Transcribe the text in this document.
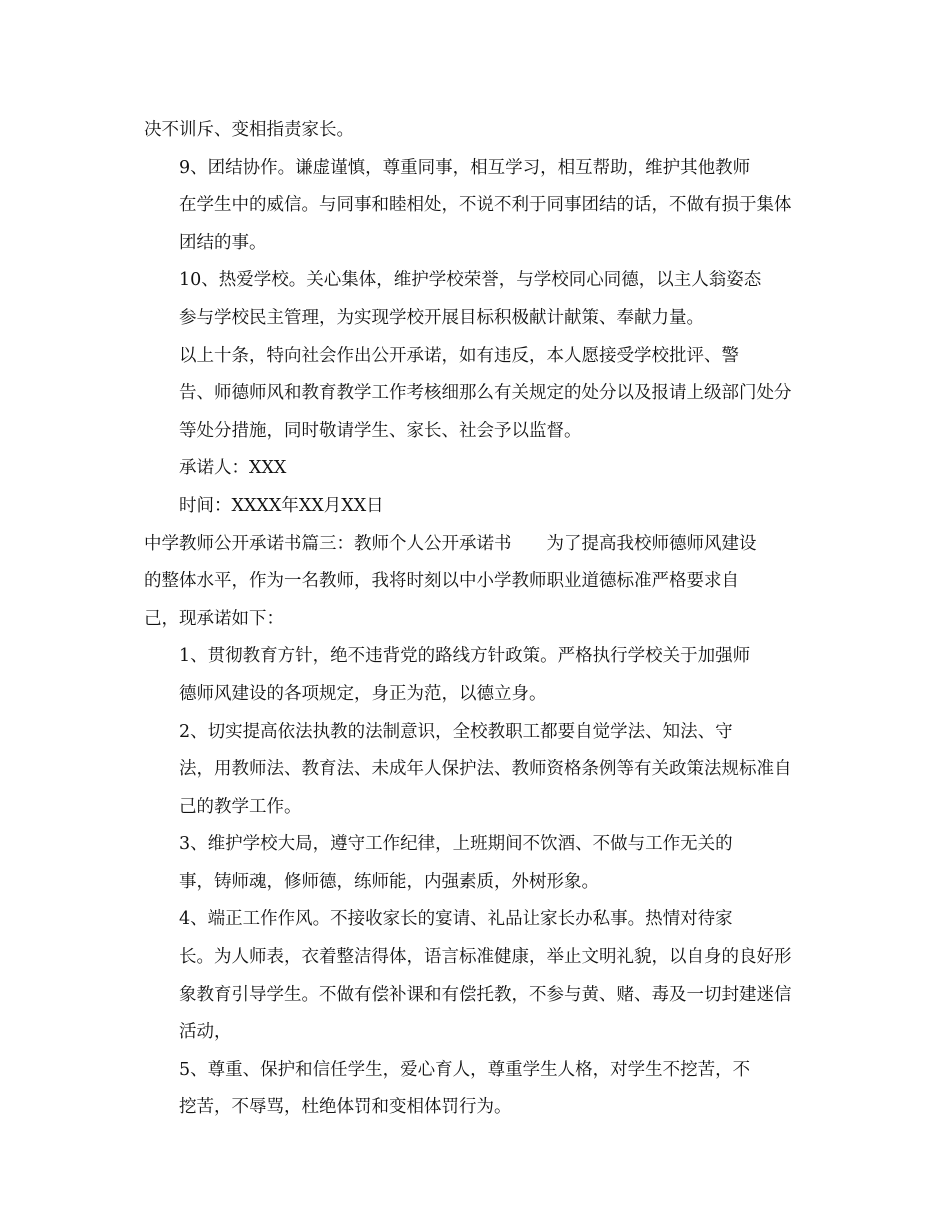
决不训斥、变相指责家长。
9、团结协作。谦虚谨慎，尊重同事，相互学习，相互帮助，维护其他教师
在学生中的威信。与同事和睦相处，不说不利于同事团结的话，不做有损于集体
团结的事。
10、热爱学校。关心集体，维护学校荣誉，与学校同心同德，以主人翁姿态
参与学校民主管理，为实现学校开展目标积极献计献策、奉献力量。
以上十条，特向社会作出公开承诺，如有违反，本人愿接受学校批评、警
告、师德师风和教育教学工作考核细那么有关规定的处分以及报请上级部门处分
等处分措施，同时敬请学生、家长、社会予以监督。
承诺人：XXX
时间：XXXX年XX月XX日
中学教师公开承诺书篇三：教师个人公开承诺书　　为了提高我校师德师风建设
的整体水平，作为一名教师，我将时刻以中小学教师职业道德标准严格要求自
己，现承诺如下：
1、贯彻教育方针，绝不违背党的路线方针政策。严格执行学校关于加强师
德师风建设的各项规定，身正为范，以德立身。
2、切实提高依法执教的法制意识，全校教职工都要自觉学法、知法、守
法，用教师法、教育法、未成年人保护法、教师资格条例等有关政策法规标准自
己的教学工作。
3、维护学校大局，遵守工作纪律，上班期间不饮酒、不做与工作无关的
事，铸师魂，修师德，练师能，内强素质，外树形象。
4、端正工作作风。不接收家长的宴请、礼品让家长办私事。热情对待家
长。为人师表，衣着整洁得体，语言标准健康，举止文明礼貌，以自身的良好形
象教育引导学生。不做有偿补课和有偿托教，不参与黄、赌、毒及一切封建迷信
活动，
5、尊重、保护和信任学生，爱心育人，尊重学生人格，对学生不挖苦，不
挖苦，不辱骂，杜绝体罚和变相体罚行为。
